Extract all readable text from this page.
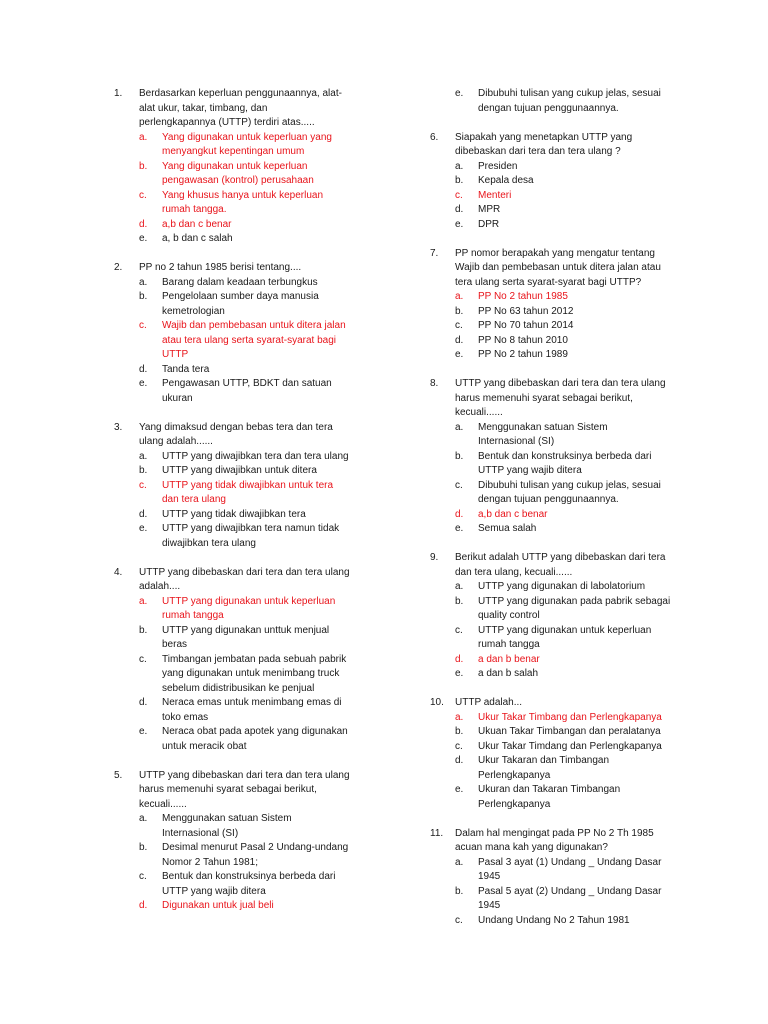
1.	Berdasarkan keperluan penggunaannya, alat-
alat ukur, takar, timbang, dan
perlengkapannya (UTTP) terdiri atas.....
a.	Yang digunakan untuk keperluan yang
menyangkut kepentingan umum
b.	Yang digunakan untuk keperluan
pengawasan (kontrol) perusahaan
c.	Yang khusus hanya untuk keperluan
rumah tangga.
d.	a,b dan c benar
e.	a, b dan c salah
2.	PP no 2 tahun 1985 berisi tentang....
a.	Barang dalam keadaan terbungkus
b.	Pengelolaan sumber daya manusia
kemetrologian
c.	Wajib dan pembebasan untuk ditera jalan
atau tera ulang serta syarat-syarat bagi
UTTP
d.	Tanda tera
e.	Pengawasan UTTP, BDKT dan satuan
ukuran
3.	Yang dimaksud dengan bebas tera dan tera
ulang adalah......
a.	UTTP yang diwajibkan tera dan tera ulang
b.	UTTP yang diwajibkan untuk ditera
c.	UTTP yang tidak diwajibkan untuk tera
dan tera ulang
d.	UTTP yang tidak diwajibkan tera
e.	UTTP yang diwajibkan tera namun tidak
diwajibkan tera ulang
4.	UTTP yang dibebaskan dari tera dan tera ulang
adalah....
a.	UTTP yang digunakan untuk keperluan
rumah tangga
b.	UTTP yang digunakan unttuk menjual
beras
c.	Timbangan jembatan pada sebuah pabrik
yang digunakan untuk menimbang truck
sebelum didistribusikan ke penjual
d.	Neraca emas untuk menimbang emas di
toko emas
e.	Neraca obat pada apotek yang digunakan
untuk meracik obat
5.	UTTP yang dibebaskan dari tera dan tera ulang
harus memenuhi syarat sebagai berikut,
kecuali......
a.	Menggunakan satuan Sistem
Internasional (SI)
b.	Desimal menurut Pasal 2 Undang-undang
Nomor 2 Tahun 1981;
c.	Bentuk dan konstruksinya berbeda dari
UTTP yang wajib ditera
d.	Digunakan untuk jual beli
e.	Dibubuhi tulisan yang cukup jelas, sesuai
dengan tujuan penggunaannya.
6.	Siapakah yang menetapkan UTTP yang
dibebaskan dari tera dan tera ulang ?
a.	Presiden
b.	Kepala desa
c.	Menteri
d.	MPR
e.	DPR
7.	PP nomor berapakah yang mengatur tentang
Wajib dan pembebasan untuk ditera jalan atau
tera ulang serta syarat-syarat bagi UTTP?
a.	PP No 2 tahun 1985
b.	PP No 63 tahun 2012
c.	PP No 70 tahun 2014
d.	PP No 8 tahun 2010
e.	PP No 2 tahun 1989
8.	UTTP yang dibebaskan dari tera dan tera ulang
harus memenuhi syarat sebagai berikut,
kecuali......
a.	Menggunakan satuan Sistem
Internasional (SI)
b.	Bentuk dan konstruksinya berbeda dari
UTTP yang wajib ditera
c.	Dibubuhi tulisan yang cukup jelas, sesuai
dengan tujuan penggunaannya.
d.	a,b dan c benar
e.	Semua salah
9.	Berikut adalah UTTP yang dibebaskan dari tera
dan tera ulang, kecuali......
a.	UTTP yang digunakan di labolatorium
b.	UTTP yang digunakan pada pabrik sebagai
quality control
c.	UTTP yang digunakan untuk keperluan
rumah tangga
d.	a dan b benar
e.	a dan b salah
10.	UTTP adalah...
a.	Ukur Takar Timbang dan Perlengkapanya
b.	Ukuan Takar Timbangan dan peralatanya
c.	Ukur Takar Timdang dan Perlengkapanya
d.	Ukur Takaran dan Timbangan
Perlengkapanya
e.	Ukuran dan Takaran Timbangan
Perlengkapanya
11.	Dalam hal mengingat pada PP No 2 Th 1985
acuan mana kah yang digunakan?
a.	Pasal 3 ayat (1) Undang _ Undang Dasar
1945
b.	Pasal 5 ayat (2) Undang _ Undang Dasar
1945
c.	Undang Undang No 2 Tahun 1981
